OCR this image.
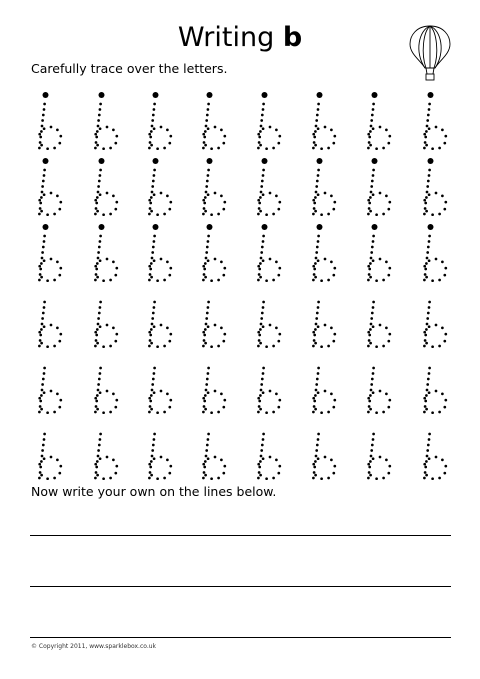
Writing b
Carefully trace over the letters.
Now write your own on the lines below.
© Copyright 2011, www.sparklebox.co.uk
